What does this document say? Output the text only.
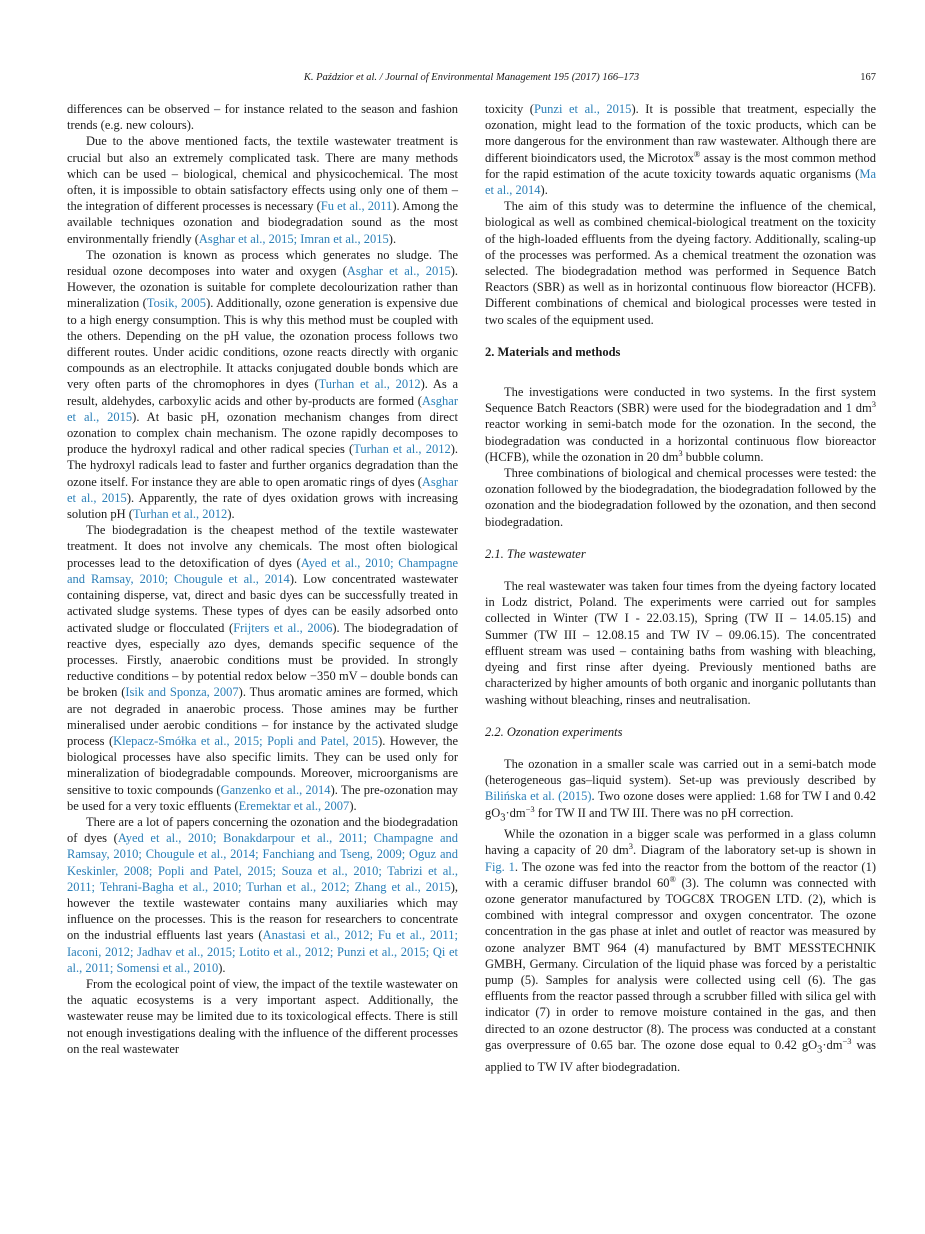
K. Paździor et al. / Journal of Environmental Management 195 (2017) 166–173	167

differences can be observed – for instance related to the season and fashion trends (e.g. new colours).

Due to the above mentioned facts, the textile wastewater treatment is crucial but also an extremely complicated task. There are many methods which can be used – biological, chemical and physicochemical. The most often, it is impossible to obtain satisfactory effects using only one of them – the integration of different processes is necessary (Fu et al., 2011). Among the available techniques ozonation and biodegradation sound as the most environmentally friendly (Asghar et al., 2015; Imran et al., 2015).

The ozonation is known as process which generates no sludge. The residual ozone decomposes into water and oxygen (Asghar et al., 2015). However, the ozonation is suitable for complete decolourization rather than mineralization (Tosik, 2005). Additionally, ozone generation is expensive due to a high energy consumption. This is why this method must be coupled with the others. Depending on the pH value, the ozonation process follows two different routes. Under acidic conditions, ozone reacts directly with organic compounds as an electrophile. It attacks conjugated double bonds which are very often parts of the chromophores in dyes (Turhan et al., 2012). As a result, aldehydes, carboxylic acids and other by-products are formed (Asghar et al., 2015). At basic pH, ozonation mechanism changes from direct ozonation to complex chain mechanism. The ozone rapidly decomposes to produce the hydroxyl radical and other radical species (Turhan et al., 2012). The hydroxyl radicals lead to faster and further organics degradation than the ozone itself. For instance they are able to open aromatic rings of dyes (Asghar et al., 2015). Apparently, the rate of dyes oxidation grows with increasing solution pH (Turhan et al., 2012).

The biodegradation is the cheapest method of the textile wastewater treatment. It does not involve any chemicals. The most often biological processes lead to the detoxification of dyes (Ayed et al., 2010; Champagne and Ramsay, 2010; Chougule et al., 2014). Low concentrated wastewater containing disperse, vat, direct and basic dyes can be successfully treated in activated sludge systems. These types of dyes can be easily adsorbed onto activated sludge or flocculated (Frijters et al., 2006). The biodegradation of reactive dyes, especially azo dyes, demands specific sequence of the processes. Firstly, anaerobic conditions must be provided. In strongly reductive conditions – by potential redox below −350 mV – double bonds can be broken (Isik and Sponza, 2007). Thus aromatic amines are formed, which are not degraded in anaerobic process. Those amines may be further mineralised under aerobic conditions – for instance by the activated sludge process (Klepacz-Smółka et al., 2015; Popli and Patel, 2015). However, the biological processes have also specific limits. They can be used only for mineralization of biodegradable compounds. Moreover, microorganisms are sensitive to toxic compounds (Ganzenko et al., 2014). The pre-ozonation may be used for a very toxic effluents (Eremektar et al., 2007).

There are a lot of papers concerning the ozonation and the biodegradation of dyes (Ayed et al., 2010; Bonakdarpour et al., 2011; Champagne and Ramsay, 2010; Chougule et al., 2014; Fanchiang and Tseng, 2009; Oguz and Keskinler, 2008; Popli and Patel, 2015; Souza et al., 2010; Tabrizi et al., 2011; Tehrani-Bagha et al., 2010; Turhan et al., 2012; Zhang et al., 2015), however the textile wastewater contains many auxiliaries which may influence on the processes. This is the reason for researchers to concentrate on the industrial effluents last years (Anastasi et al., 2012; Fu et al., 2011; Iaconi, 2012; Jadhav et al., 2015; Lotito et al., 2012; Punzi et al., 2015; Qi et al., 2011; Somensi et al., 2010).

From the ecological point of view, the impact of the textile wastewater on the aquatic ecosystems is a very important aspect. Additionally, the wastewater reuse may be limited due to its toxicological effects. There is still not enough investigations dealing with the influence of the different processes on the real wastewater

toxicity (Punzi et al., 2015). It is possible that treatment, especially the ozonation, might lead to the formation of the toxic products, which can be more dangerous for the environment than raw wastewater. Although there are different bioindicators used, the Microtox® assay is the most common method for the rapid estimation of the acute toxicity towards aquatic organisms (Ma et al., 2014).

The aim of this study was to determine the influence of the chemical, biological as well as combined chemical-biological treatment on the toxicity of the high-loaded effluents from the dyeing factory. Additionally, scaling-up of the processes was performed. As a chemical treatment the ozonation was selected. The biodegradation method was performed in Sequence Batch Reactors (SBR) as well as in horizontal continuous flow bioreactor (HCFB). Different combinations of chemical and biological processes were tested in two scales of the equipment used.

2. Materials and methods

The investigations were conducted in two systems. In the first system Sequence Batch Reactors (SBR) were used for the biodegradation and 1 $dm^3$ reactor working in semi-batch mode for the ozonation. In the second, the biodegradation was conducted in a horizontal continuous flow bioreactor (HCFB), while the ozonation in 20 $dm^3$ bubble column.

Three combinations of biological and chemical processes were tested: the ozonation followed by the biodegradation, the biodegradation followed by the ozonation and the biodegradation followed by the ozonation, and then second biodegradation.

2.1. The wastewater

The real wastewater was taken four times from the dyeing factory located in Lodz district, Poland. The experiments were carried out for samples collected in Winter (TW I - 22.03.15), Spring (TW II – 14.05.15) and Summer (TW III – 12.08.15 and TW IV – 09.06.15). The concentrated effluent stream was used – containing baths from washing with bleaching, dyeing and first rinse after dyeing. Previously mentioned baths are characterized by higher amounts of both organic and inorganic pollutants than washing without bleaching, rinses and neutralisation.

2.2. Ozonation experiments

The ozonation in a smaller scale was carried out in a semi-batch mode (heterogeneous gas–liquid system). Set-up was previously described by Bilińska et al. (2015). Two ozone doses were applied: 1.68 for TW I and 0.42 $gO_3\cdot dm^{-3}$ for TW II and TW III. There was no pH correction.

While the ozonation in a bigger scale was performed in a glass column having a capacity of 20 $dm^3$. Diagram of the laboratory set-up is shown in Fig. 1. The ozone was fed into the reactor from the bottom of the reactor (1) with a ceramic diffuser brandol 60® (3). The column was connected with ozone generator manufactured by TOGC8X TROGEN LTD. (2), which is combined with integral compressor and oxygen concentrator. The ozone concentration in the gas phase at inlet and outlet of reactor was measured by ozone analyzer BMT 964 (4) manufactured by BMT MESSTECHNIK GMBH, Germany. Circulation of the liquid phase was forced by a peristaltic pump (5). Samples for analysis were collected using cell (6). The gas effluents from the reactor passed through a scrubber filled with silica gel with indicator (7) in order to remove moisture contained in the gas, and then directed to an ozone destructor (8). The process was conducted at a constant gas overpressure of 0.65 bar. The ozone dose equal to 0.42 $gO_3\cdot dm^{-3}$ was applied to TW IV after biodegradation.
